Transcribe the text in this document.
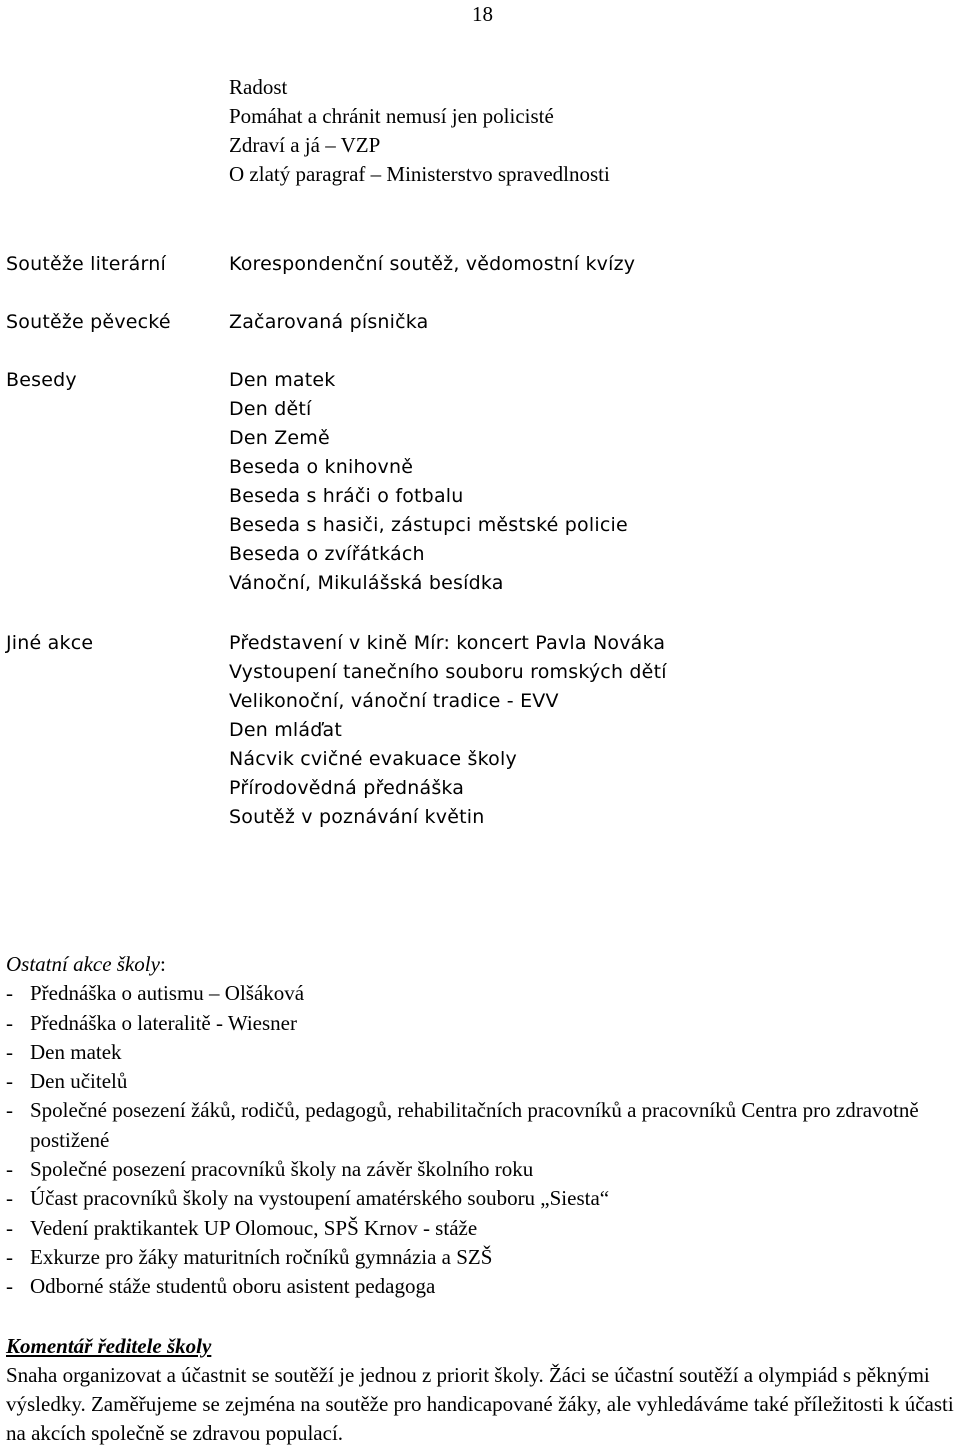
18
Radost
Pomáhat a chránit nemusí jen policisté
Zdraví a já – VZP
O zlatý paragraf – Ministerstvo spravedlnosti
Soutěže literární	Korespondenční soutěž, vědomostní kvízy
Soutěže pěvecké	Začarovaná písnička
Besedy	Den matek
Den dětí
Den Země
Beseda o knihovně
Beseda s hráči o fotbalu
Beseda s hasiči, zástupci městské policie
Beseda o zvířátkách
Vánoční, Mikulášská besídka
Jiné akce	Představení v kině Mír: koncert Pavla Nováka
Vystoupení tanečního souboru romských dětí
Velikonoční, vánoční tradice - EVV
Den mláďat
Nácvik cvičné evakuace školy
Přírodovědná přednáška
Soutěž v poznávání květin
Ostatní akce školy:
- Přednáška o autismu – Olšáková
- Přednáška o lateralitě - Wiesner
- Den matek
- Den učitelů
- Společné posezení žáků, rodičů, pedagogů, rehabilitačních pracovníků a pracovníků Centra pro zdravotně postižené
- Společné posezení pracovníků školy na závěr školního roku
- Účast pracovníků školy na vystoupení amatérského souboru „Siesta“
- Vedení praktikantek UP Olomouc, SPŠ Krnov - stáže
- Exkurze pro žáky maturitních ročníků gymnázia a SZŠ
- Odborné stáže studentů oboru asistent pedagoga
Komentář ředitele školy
Snaha organizovat a účastnit se soutěží je jednou z priorit školy. Žáci se účastní soutěží a olympiád s pěknými výsledky. Zaměřujeme se zejména na soutěže pro handicapované žáky, ale vyhledáváme také příležitosti k účasti na akcích společně se zdravou populací.
